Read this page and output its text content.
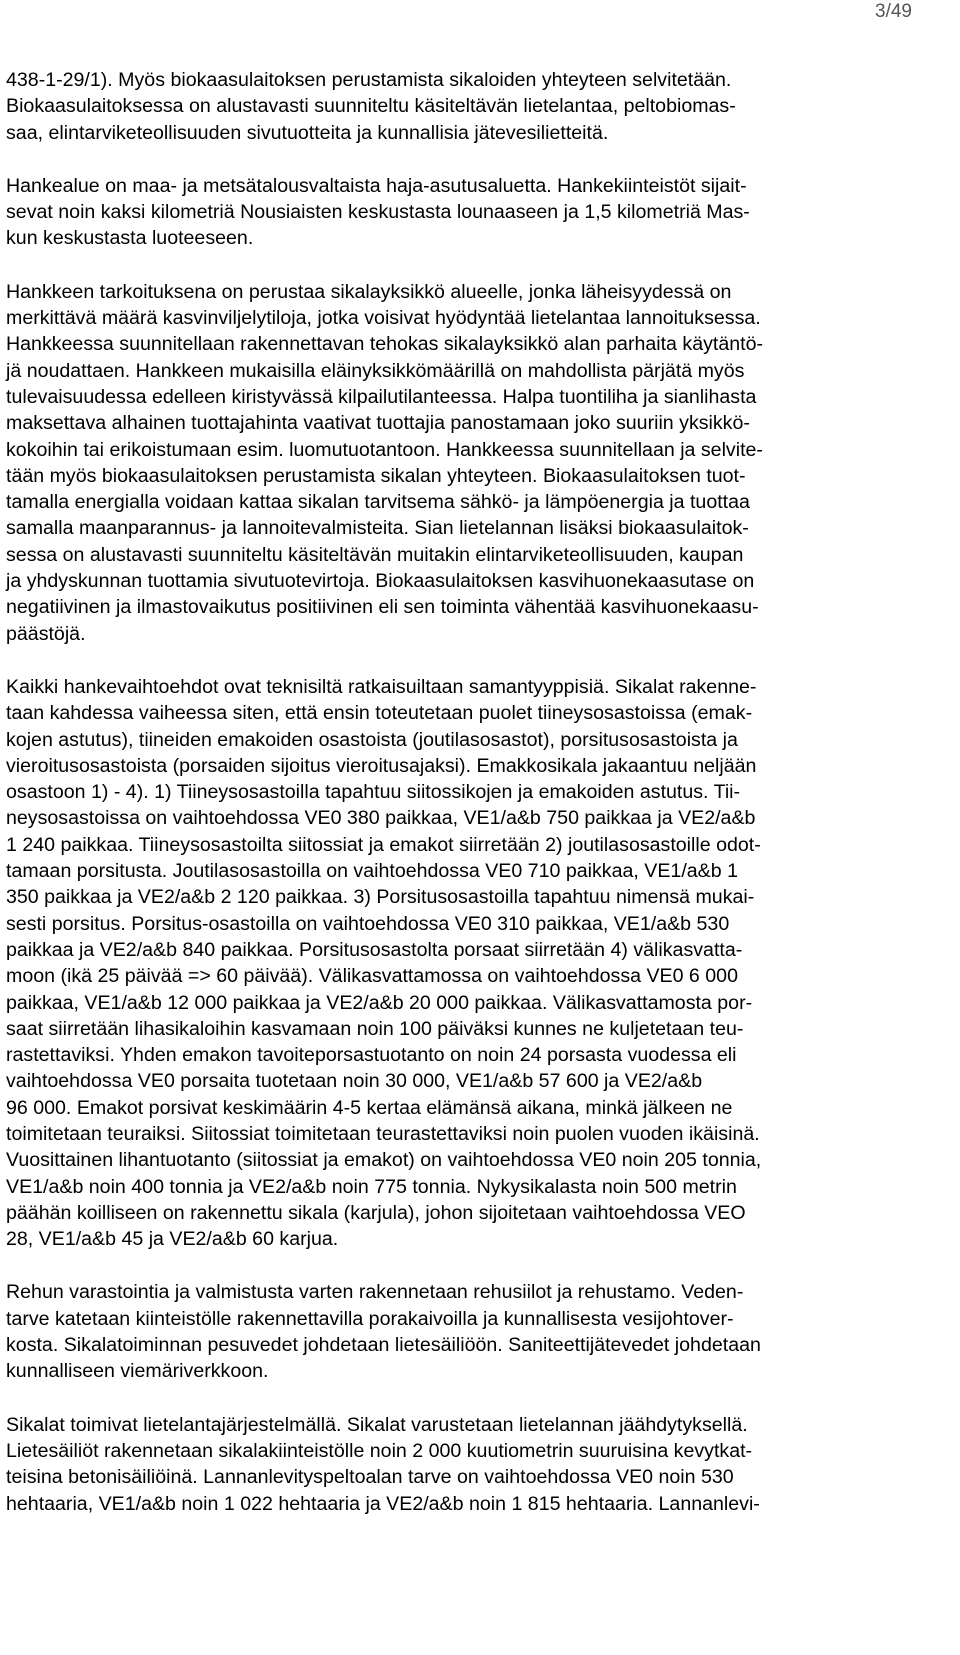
3/49
438-1-29/1). Myös biokaasulaitoksen perustamista sikaloiden yhteyteen selvitetään.
Biokaasulaitoksessa on alustavasti suunniteltu käsiteltävän lietelantaa, peltobiomas-
saa, elintarviketeollisuuden sivutuotteita ja kunnallisia jätevesilietteitä.
Hankealue on maa- ja metsätalousvaltaista haja-asutusaluetta. Hankekiinteistöt sijait-
sevat noin kaksi kilometriä Nousiaisten keskustasta lounaaseen ja 1,5 kilometriä Mas-
kun keskustasta luoteeseen.
Hankkeen tarkoituksena on perustaa sikalayksikkö alueelle, jonka läheisyydessä on
merkittävä määrä kasvinviljelytiloja, jotka voisivat hyödyntää lietelantaa lannoituksessa.
Hankkeessa suunnitellaan rakennettavan tehokas sikalayksikkö alan parhaita käytäntö-
jä noudattaen. Hankkeen mukaisilla eläinyksikkömäärillä on mahdollista pärjätä myös
tulevaisuudessa edelleen kiristyvässä kilpailutilanteessa. Halpa tuontiliha ja sianlihasta
maksettava alhainen tuottajahinta vaativat tuottajia panostamaan joko suuriin yksikkö-
kokoihin tai erikoistumaan esim. luomutuotantoon. Hankkeessa suunnitellaan ja selvite-
tään myös biokaasulaitoksen perustamista sikalan yhteyteen. Biokaasulaitoksen tuot-
tamalla energialla voidaan kattaa sikalan tarvitsema sähkö- ja lämpöenergia ja tuottaa
samalla maanparannus- ja lannoitevalmisteita. Sian lietelannan lisäksi biokaasulaitok-
sessa on alustavasti suunniteltu käsiteltävän muitakin elintarviketeollisuuden, kaupan
ja yhdyskunnan tuottamia sivutuotevirtoja. Biokaasulaitoksen kasvihuonekaasutase on
negatiivinen ja ilmastovaikutus positiivinen eli sen toiminta vähentää kasvihuonekaasu-
päästöjä.
Kaikki hankevaihtoehdot ovat teknisiltä ratkaisuiltaan samantyyppisiä. Sikalat rakenne-
taan kahdessa vaiheessa siten, että ensin toteutetaan puolet tiineysosastoissa (emak-
kojen astutus), tiineiden emakoiden osastoista (joutilasosastot), porsitusosastoista ja
vieroitusosastoista (porsaiden sijoitus vieroitusajaksi). Emakkosikala jakaantuu neljään
osastoon 1) - 4). 1) Tiineysosastoilla tapahtuu siitossikojen ja emakoiden astutus. Tii-
neysosastoissa on vaihtoehdossa VE0 380 paikkaa, VE1/a&b 750 paikkaa ja VE2/a&b
1 240 paikkaa. Tiineysosastoilta siitossiat ja emakot siirretään 2) joutilasosastoille odot-
tamaan porsitusta. Joutilasosastoilla on vaihtoehdossa VE0 710 paikkaa, VE1/a&b 1
350 paikkaa ja VE2/a&b 2 120 paikkaa. 3) Porsitusosastoilla tapahtuu nimensä mukai-
sesti porsitus. Porsitus-osastoilla on vaihtoehdossa VE0 310 paikkaa, VE1/a&b 530
paikkaa ja VE2/a&b 840 paikkaa. Porsitusosastolta porsaat siirretään 4) välikasvatta-
moon (ikä 25 päivää => 60 päivää). Välikasvattamossa on vaihtoehdossa VE0 6 000
paikkaa, VE1/a&b 12 000 paikkaa ja VE2/a&b 20 000 paikkaa. Välikasvattamosta por-
saat siirretään lihasikaloihin kasvamaan noin 100 päiväksi kunnes ne kuljetetaan teu-
rastettaviksi. Yhden emakon tavoiteporsastuotanto on noin 24 porsasta vuodessa eli
vaihtoehdossa VE0 porsaita tuotetaan noin 30 000, VE1/a&b 57 600 ja VE2/a&b
96 000. Emakot porsivat keskimäärin 4-5 kertaa elämänsä aikana, minkä jälkeen ne
toimitetaan teuraiksi. Siitossiat toimitetaan teurastettaviksi noin puolen vuoden ikäisinä.
Vuosittainen lihantuotanto (siitossiat ja emakot) on vaihtoehdossa VE0 noin 205 tonnia,
VE1/a&b noin 400 tonnia ja VE2/a&b noin 775 tonnia. Nykysikalasta noin 500 metrin
päähän koilliseen on rakennettu sikala (karjula), johon sijoitetaan vaihtoehdossa VEO
28, VE1/a&b 45 ja VE2/a&b 60 karjua.
Rehun varastointia ja valmistusta varten rakennetaan rehusiilot ja rehustamo. Veden-
tarve katetaan kiinteistölle rakennettavilla porakaivoilla ja kunnallisesta vesijohtover-
kosta. Sikalatoiminnan pesuvedet johdetaan lietesäiliöön. Saniteettijätevedet johdetaan
kunnalliseen viemäriverkkoon.
Sikalat toimivat lietelantajärjestelmällä. Sikalat varustetaan lietelannan jäähdytyksellä.
Lietesäiliöt rakennetaan sikalakiinteistölle noin 2 000 kuutiometrin suuruisina kevytkat-
teisina betonisäiliöinä. Lannanlevityspeltoalan tarve on vaihtoehdossa VE0 noin 530
hehtaaria, VE1/a&b noin 1 022 hehtaaria ja VE2/a&b noin 1 815 hehtaaria. Lannanlevi-
